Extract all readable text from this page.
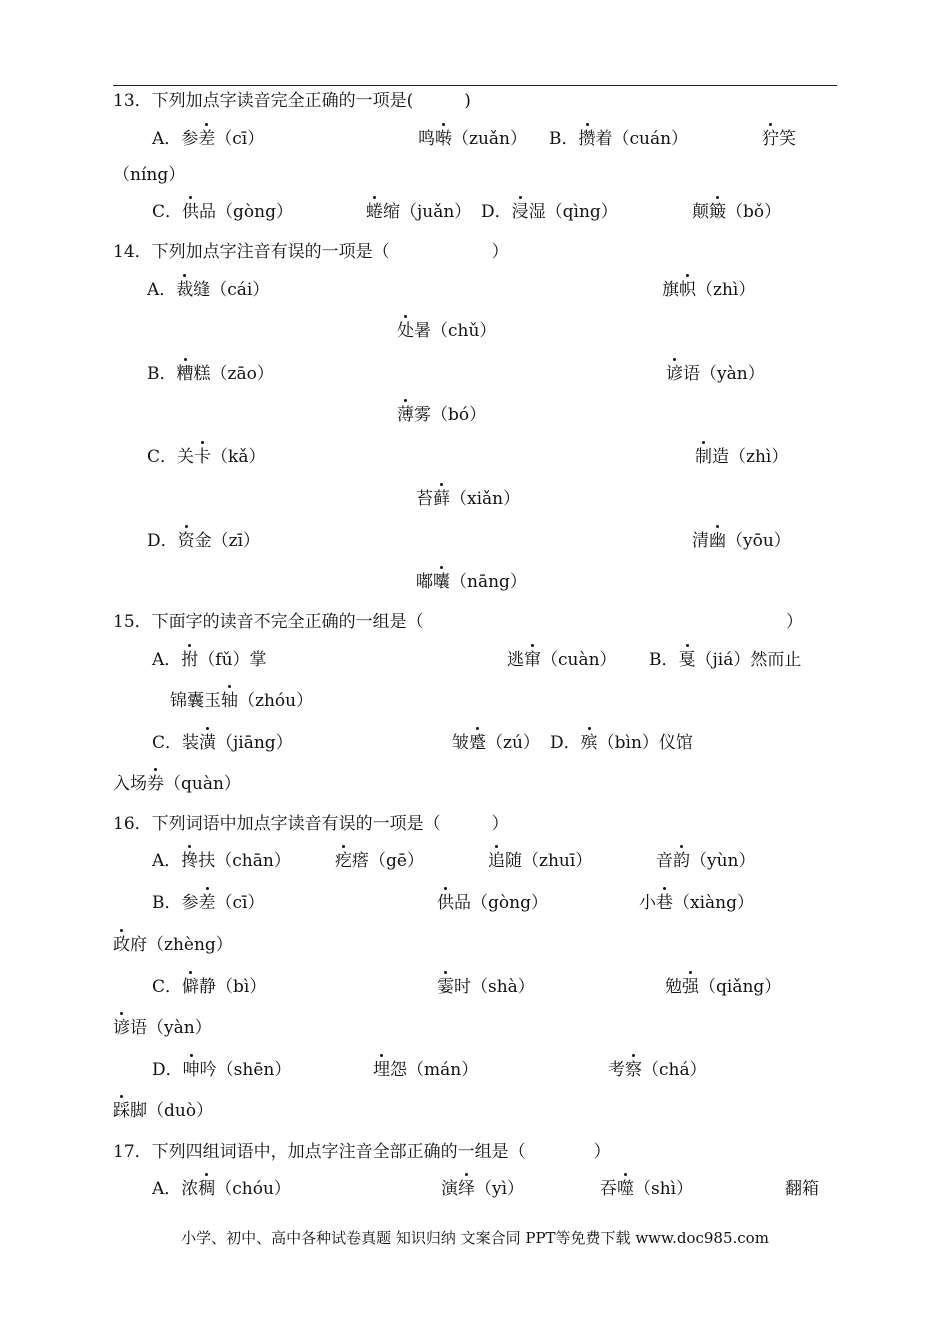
13．下列加点字读音完全正确的一项是(　　　)
A．参差（cī）	鸣啭（zuǎn） B．攒着（cuán）	狞笑
（níng）
C．供品（gòng）	蜷缩（juǎn） D．浸湿（qìng）	颠簸（bǒ）
14．下列加点字注音有误的一项是（　　　　　　）
A．裁缝（cái）	旗帜（zhì）
处暑（chǔ）
B．糟糕（zāo）	谚语（yàn）
薄雾（bó）
C．关卡（kǎ）	制造（zhì）
苔藓（xiǎn）
D．资金（zī）	清幽（yōu）
嘟囔（nāng）
15．下面字的读音不完全正确的一组是（	）
A．拊（fǔ）掌	逃窜（cuàn） B．戛（jiá）然而止
锦囊玉轴（zhóu）
C．装潢（jiāng）	皱蹙（zú） D．殡（bìn）仪馆
入场券（quàn）
16．下列词语中加点字读音有误的一项是（　　　）
A．搀扶（chān）	疙瘩（gē）	追随（zhuī）	音韵（yùn）
B．参差（cī）	供品（gòng）	小巷（xiàng）
政府（zhèng）
C．僻静（bì）	霎时（shà）	勉强（qiǎng）
谚语（yàn）
D．呻吟（shēn）	埋怨（mán）	考察（chá）
踩脚（duò）
17．下列四组词语中，加点字注音全部正确的一组是（　　　　）
A．浓稠（chóu）	演绎（yì）	吞噬（shì）	翻箱
小学、初中、高中各种试卷真题 知识归纳 文案合同 PPT等免费下载 www.doc985.com
